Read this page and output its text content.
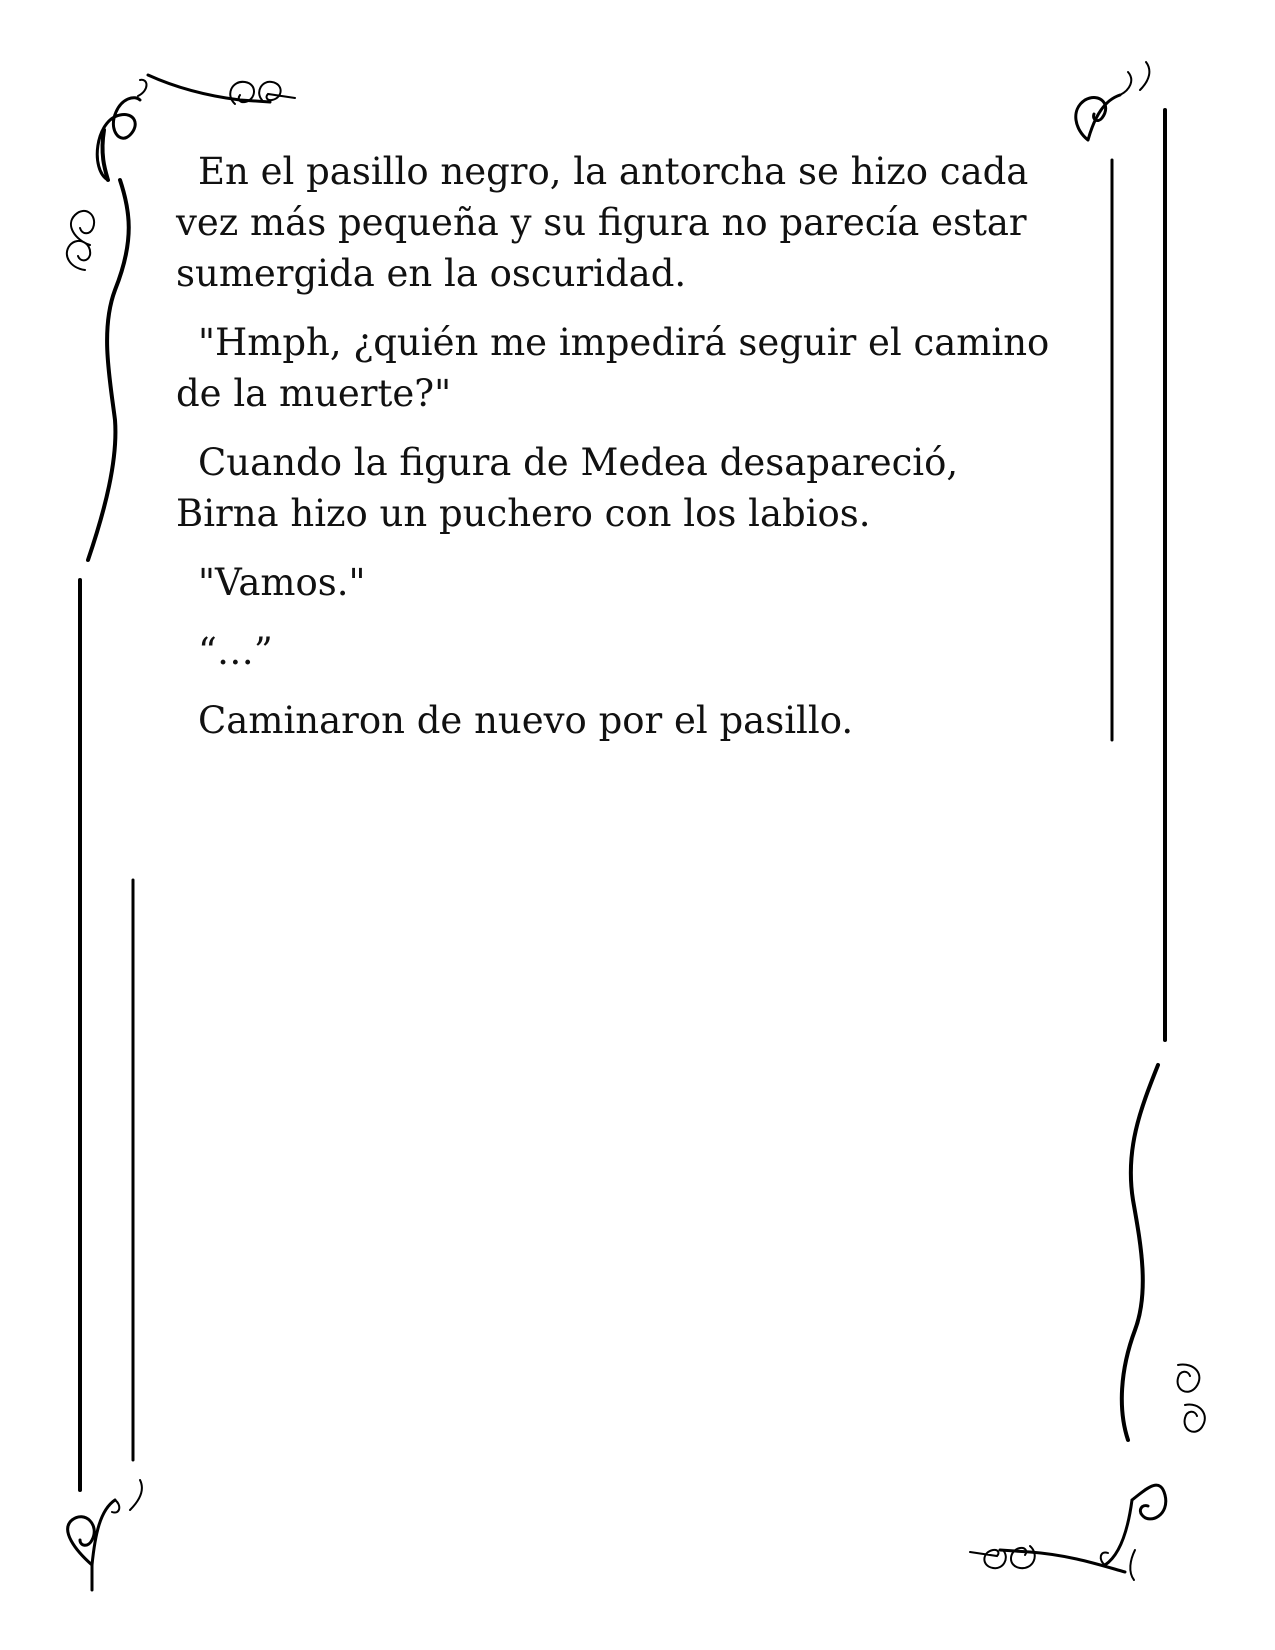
En el pasillo negro, la antorcha se hizo cada
vez más pequeña y su figura no parecía estar
sumergida en la oscuridad.

"Hmph, ¿quién me impedirá seguir el camino
de la muerte?"

Cuando la figura de Medea desapareció,
Birna hizo un puchero con los labios.

"Vamos."

“…”

Caminaron de nuevo por el pasillo.
